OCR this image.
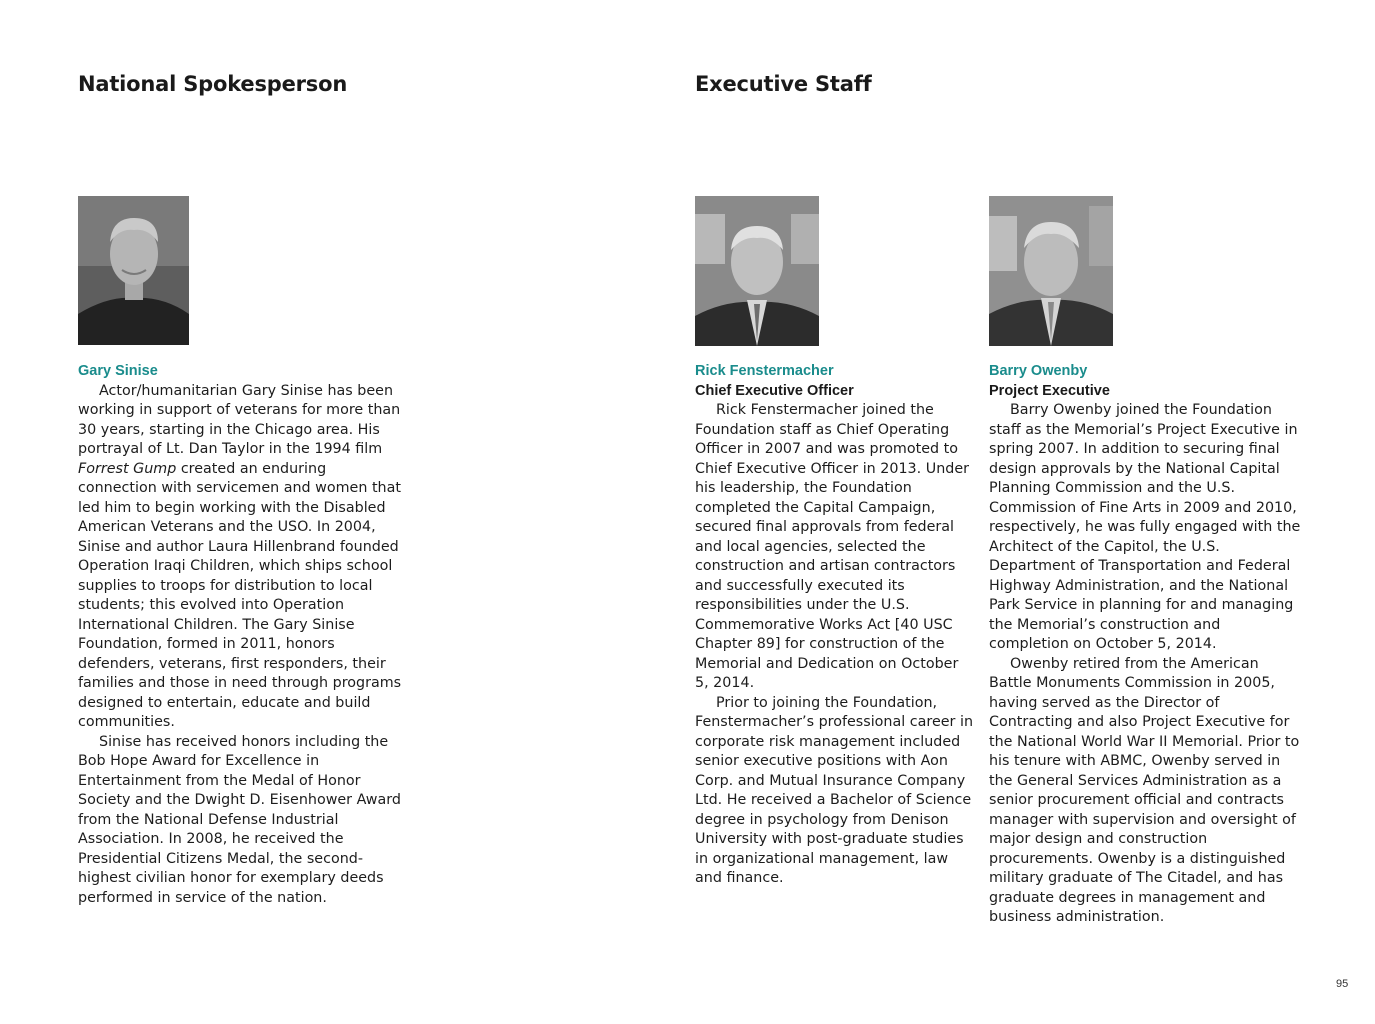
National Spokesperson

Gary Sinise

Actor/humanitarian Gary Sinise has been working in support of veterans for more than 30 years, starting in the Chicago area. His portrayal of Lt. Dan Taylor in the 1994 film Forrest Gump created an enduring connection with servicemen and women that led him to begin working with the Disabled American Veterans and the USO. In 2004, Sinise and author Laura Hillenbrand founded Operation Iraqi Children, which ships school supplies to troops for distribution to local students; this evolved into Operation International Children. The Gary Sinise Foundation, formed in 2011, honors defenders, veterans, first responders, their families and those in need through programs designed to entertain, educate and build communities.

Sinise has received honors including the Bob Hope Award for Excellence in Entertainment from the Medal of Honor Society and the Dwight D. Eisenhower Award from the National Defense Industrial Association. In 2008, he received the Presidential Citizens Medal, the second-highest civilian honor for exemplary deeds performed in service of the nation.

Executive Staff

Rick Fenstermacher

Chief Executive Officer

Rick Fenstermacher joined the Foundation staff as Chief Operating Officer in 2007 and was promoted to Chief Executive Officer in 2013. Under his leadership, the Foundation completed the Capital Campaign, secured final approvals from federal and local agencies, selected the construction and artisan contractors and successfully executed its responsibilities under the U.S. Commemorative Works Act [40 USC Chapter 89] for construction of the Memorial and Dedication on October 5, 2014.

Prior to joining the Foundation, Fenstermacher’s professional career in corporate risk management included senior executive positions with Aon Corp. and Mutual Insurance Company Ltd. He received a Bachelor of Science degree in psychology from Denison University with post-graduate studies in organizational management, law and finance.

Barry Owenby

Project Executive

Barry Owenby joined the Foundation staff as the Memorial’s Project Executive in spring 2007. In addition to securing final design approvals by the National Capital Planning Commission and the U.S. Commission of Fine Arts in 2009 and 2010, respectively, he was fully engaged with the Architect of the Capitol, the U.S. Department of Transportation and Federal Highway Administration, and the National Park Service in planning for and managing the Memorial’s construction and completion on October 5, 2014.

Owenby retired from the American Battle Monuments Commission in 2005, having served as the Director of Contracting and also Project Executive for the National World War II Memorial. Prior to his tenure with ABMC, Owenby served in the General Services Administration as a senior procurement official and contracts manager with supervision and oversight of major design and construction procurements. Owenby is a distinguished military graduate of The Citadel, and has graduate degrees in management and business administration.

95
